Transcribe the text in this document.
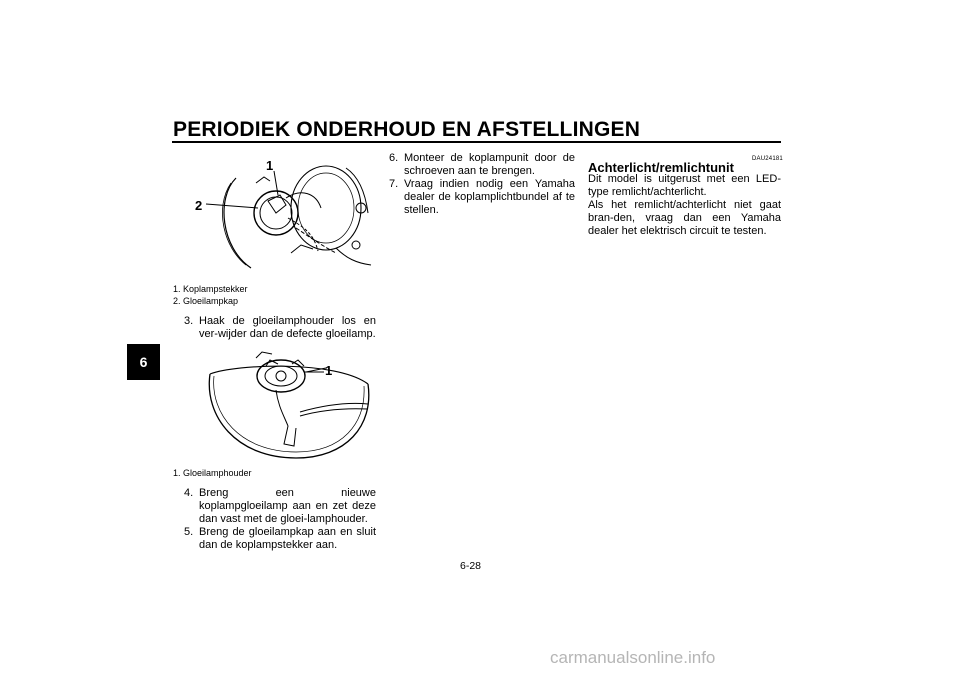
PERIODIEK ONDERHOUD EN AFSTELLINGEN
6
1
2
1. Koplampstekker
2. Gloeilampkap
3. Haak de gloeilamphouder los en ver-wijder dan de defecte gloeilamp.
1
1. Gloeilamphouder
4. Breng een nieuwe koplampgloeilamp aan en zet deze dan vast met de gloei-lamphouder.
5. Breng de gloeilampkap aan en sluit dan de koplampstekker aan.
6. Monteer de koplampunit door de schroeven aan te brengen.
7. Vraag indien nodig een Yamaha dealer de koplamplichtbundel af te stellen.
DAU24181
Achterlicht/remlichtunit

Dit model is uitgerust met een LED-type remlicht/achterlicht.

Als het remlicht/achterlicht niet gaat bran-den, vraag dan een Yamaha dealer het elektrisch circuit te testen.

6-28
carmanualsonline.info
